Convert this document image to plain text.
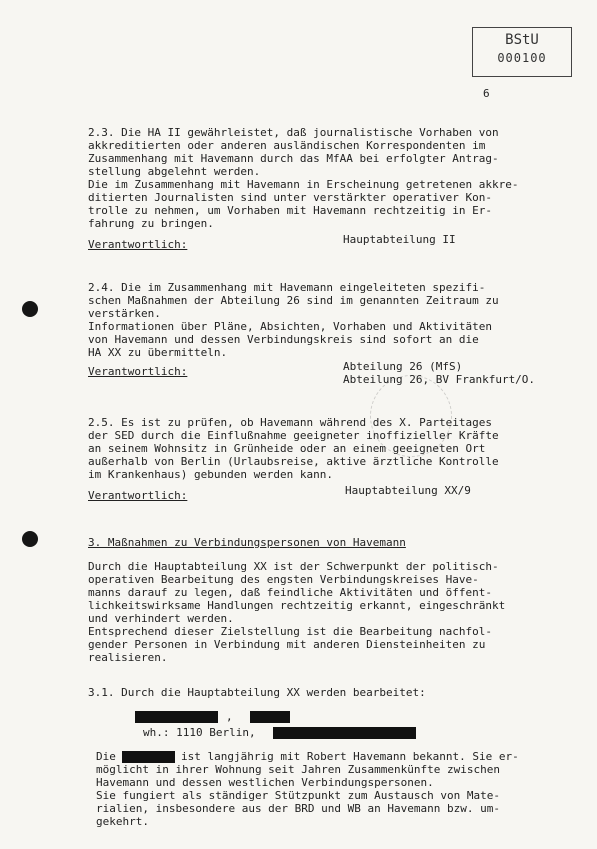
BStU
000100
6
2.3. Die HA II gewährleistet, daß journalistische Vorhaben von
akkreditierten oder anderen ausländischen Korrespondenten im
Zusammenhang mit Havemann durch das MfAA bei erfolgter Antrag-
stellung abgelehnt werden.
Die im Zusammenhang mit Havemann in Erscheinung getretenen akkre-
ditierten Journalisten sind unter verstärkter operativer Kon-
trolle zu nehmen, um Vorhaben mit Havemann rechtzeitig in Er-
fahrung zu bringen.
Verantwortlich:	Hauptabteilung II
2.4. Die im Zusammenhang mit Havemann eingeleiteten spezifi-
schen Maßnahmen der Abteilung 26 sind im genannten Zeitraum zu
verstärken.
Informationen über Pläne, Absichten, Vorhaben und Aktivitäten
von Havemann und dessen Verbindungskreis sind sofort an die
HA XX zu übermitteln.
Verantwortlich:	Abteilung 26 (MfS)
Abteilung 26, BV Frankfurt/O.
2.5. Es ist zu prüfen, ob Havemann während des X. Parteitages
der SED durch die Einflußnahme geeigneter inoffizieller Kräfte
an seinem Wohnsitz in Grünheide oder an einem geeigneten Ort
außerhalb von Berlin (Urlaubsreise, aktive ärztliche Kontrolle
im Krankenhaus) gebunden werden kann.
Verantwortlich:	Hauptabteilung XX/9
3. Maßnahmen zu Verbindungspersonen von Havemann
Durch die Hauptabteilung XX ist der Schwerpunkt der politisch-
operativen Bearbeitung des engsten Verbindungskreises Have-
manns darauf zu legen, daß feindliche Aktivitäten und öffent-
lichkeitswirksame Handlungen rechtzeitig erkannt, eingeschränkt
und verhindert werden.
Entsprechend dieser Zielstellung ist die Bearbeitung nachfol-
gender Personen in Verbindung mit anderen Diensteinheiten zu
realisieren.
3.1. Durch die Hauptabteilung XX werden bearbeitet:
,
wh.: 1110 Berlin,
Die	ist langjährig mit Robert Havemann bekannt. Sie er-
möglicht in ihrer Wohnung seit Jahren Zusammenkünfte zwischen
Havemann und dessen westlichen Verbindungspersonen.
Sie fungiert als ständiger Stützpunkt zum Austausch von Mate-
rialien, insbesondere aus der BRD und WB an Havemann bzw. um-
gekehrt.
